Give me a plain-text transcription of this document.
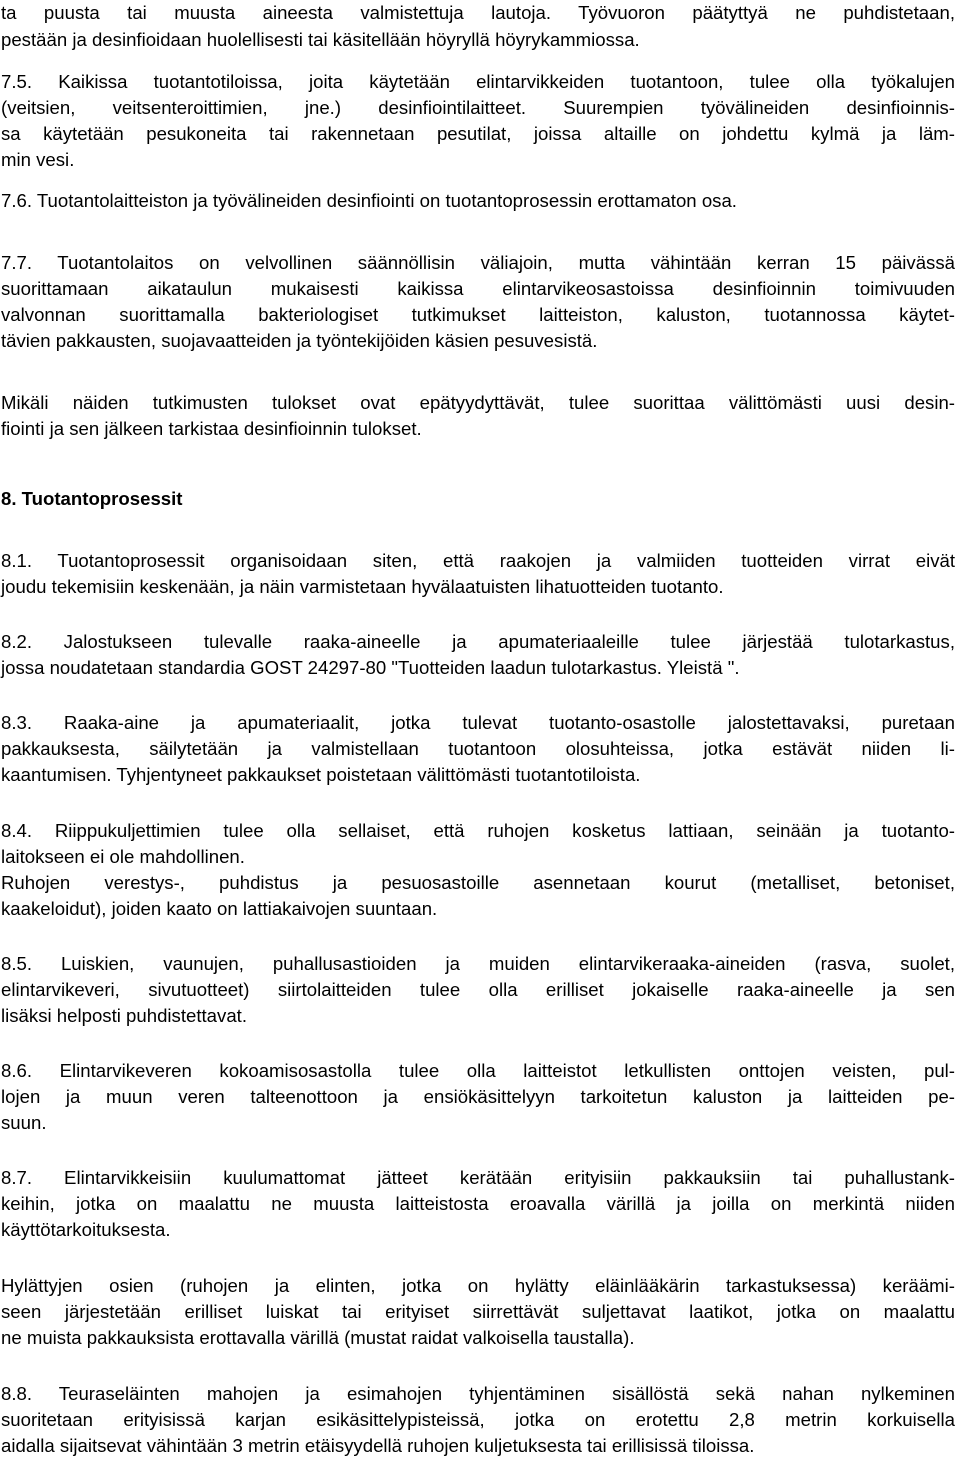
ta puusta tai muusta aineesta valmistettuja lautoja. Työvuoron päätyttyä ne puhdistetaan,
pestään ja desinfioidaan huolellisesti tai käsitellään höyryllä höyrykammiossa.
7.5. Kaikissa tuotantotiloissa, joita käytetään elintarvikkeiden tuotantoon, tulee olla työkalujen
(veitsien, veitsenteroittimien, jne.) desinfiointilaitteet. Suurempien työvälineiden desinfioinnis-
sa käytetään pesukoneita tai rakennetaan pesutilat, joissa altaille on johdettu kylmä ja läm-
min vesi.
7.6. Tuotantolaitteiston ja työvälineiden desinfiointi on tuotantoprosessin erottamaton osa.
7.7. Tuotantolaitos on velvollinen säännöllisin väliajoin, mutta vähintään kerran 15 päivässä
suorittamaan aikataulun mukaisesti kaikissa elintarvikeosastoissa desinfioinnin toimivuuden
valvonnan suorittamalla bakteriologiset tutkimukset laitteiston, kaluston, tuotannossa käytet-
tävien pakkausten, suojavaatteiden ja työntekijöiden käsien pesuvesistä.
Mikäli näiden tutkimusten tulokset ovat epätyydyttävät, tulee suorittaa välittömästi uusi desin-
fiointi ja sen jälkeen tarkistaa desinfioinnin tulokset.
8. Tuotantoprosessit
8.1. Tuotantoprosessit organisoidaan siten, että raakojen ja valmiiden tuotteiden virrat eivät
joudu tekemisiin keskenään, ja näin varmistetaan hyvälaatuisten lihatuotteiden tuotanto.
8.2. Jalostukseen tulevalle raaka-aineelle ja apumateriaaleille tulee järjestää tulotarkastus,
jossa noudatetaan standardia GOST 24297-80 "Tuotteiden laadun tulotarkastus. Yleistä ".
8.3. Raaka-aine ja apumateriaalit, jotka tulevat tuotanto-osastolle jalostettavaksi, puretaan
pakkauksesta, säilytetään ja valmistellaan tuotantoon olosuhteissa, jotka estävät niiden li-
kaantumisen. Tyhjentyneet pakkaukset poistetaan välittömästi tuotantotiloista.
8.4. Riippukuljettimien tulee olla sellaiset, että ruhojen kosketus lattiaan, seinään ja tuotanto-
laitokseen ei ole mahdollinen.
Ruhojen verestys-, puhdistus ja pesuosastoille asennetaan kourut (metalliset, betoniset,
kaakeloidut), joiden kaato on lattiakaivojen suuntaan.
8.5. Luiskien, vaunujen, puhallusastioiden ja muiden elintarvikeraaka-aineiden (rasva, suolet,
elintarvikeveri, sivutuotteet) siirtolaitteiden tulee olla erilliset jokaiselle raaka-aineelle ja sen
lisäksi helposti puhdistettavat.
8.6. Elintarvikeveren kokoamisosastolla tulee olla laitteistot letkullisten onttojen veisten, pul-
lojen ja muun veren talteenottoon ja ensiökäsittelyyn tarkoitetun kaluston ja laitteiden pe-
suun.
8.7. Elintarvikkeisiin kuulumattomat jätteet kerätään erityisiin pakkauksiin tai puhallustank-
keihin, jotka on maalattu ne muusta laitteistosta eroavalla värillä ja joilla on merkintä niiden
käyttötarkoituksesta.
Hylättyjen osien (ruhojen ja elinten, jotka on hylätty eläinlääkärin tarkastuksessa) keräämi-
seen järjestetään erilliset luiskat tai erityiset siirrettävät suljettavat laatikot, jotka on maalattu
ne muista pakkauksista erottavalla värillä (mustat raidat valkoisella taustalla).
8.8. Teuraseläinten mahojen ja esimahojen tyhjentäminen sisällöstä sekä nahan nylkeminen
suoritetaan erityisissä karjan esikäsittelypisteissä, jotka on erotettu 2,8 metrin korkuisella
aidalla sijaitsevat vähintään 3 metrin etäisyydellä ruhojen kuljetuksesta tai erillisissä tiloissa.
